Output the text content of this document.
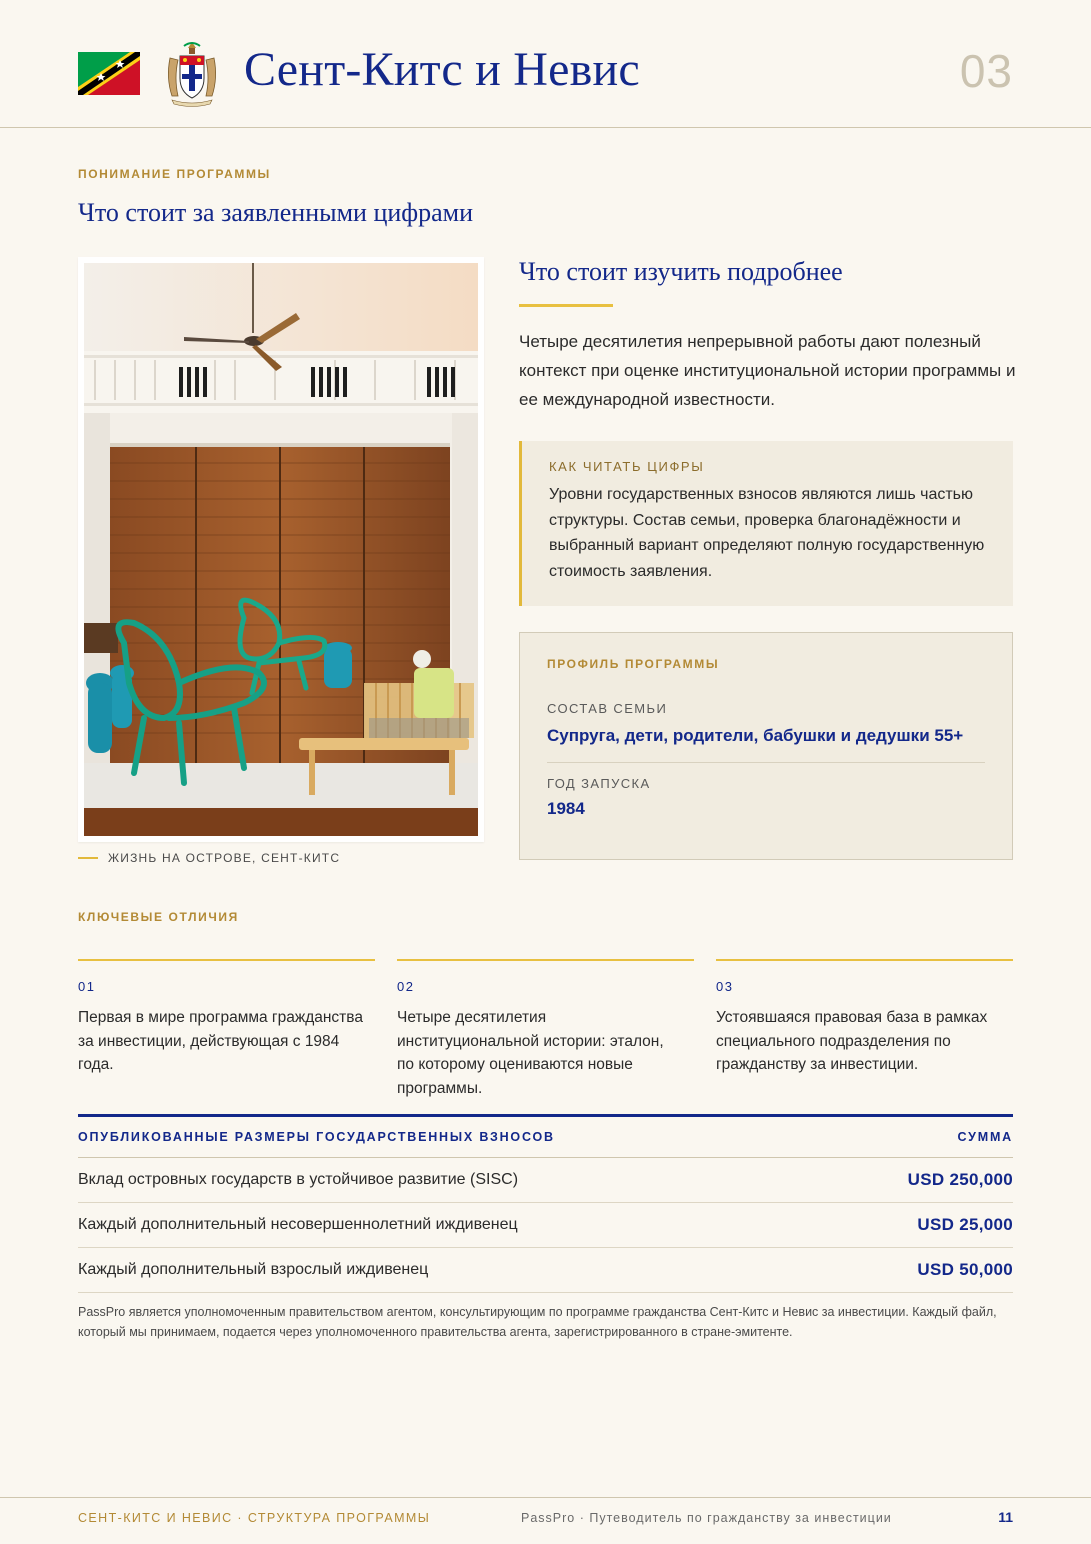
Сент-Китс и Невис	03
ПОНИМАНИЕ ПРОГРАММЫ
Что стоит за заявленными цифрами
ЖИЗНЬ НА ОСТРОВЕ, СЕНТ-КИТС
Что стоит изучить подробнее
Четыре десятилетия непрерывной работы дают полезный контекст при оценке институциональной истории программы и ее международной известности.
КАК ЧИТАТЬ ЦИФРЫ
Уровни государственных взносов являются лишь частью структуры. Состав семьи, проверка благонадёжности и выбранный вариант определяют полную государственную стоимость заявления.
ПРОФИЛЬ ПРОГРАММЫ
СОСТАВ СЕМЬИ
Супруга, дети, родители, бабушки и дедушки 55+
ГОД ЗАПУСКА
1984
КЛЮЧЕВЫЕ ОТЛИЧИЯ
01
Первая в мире программа гражданства за инвестиции, действующая с 1984 года.
02
Четыре десятилетия институциональной истории: эталон, по которому оцениваются новые программы.
03
Устоявшаяся правовая база в рамках специального подразделения по гражданству за инвестиции.
ОПУБЛИКОВАННЫЕ РАЗМЕРЫ ГОСУДАРСТВЕННЫХ ВЗНОСОВ	СУММА
Вклад островных государств в устойчивое развитие (SISC)	USD 250,000
Каждый дополнительный несовершеннолетний иждивенец	USD 25,000
Каждый дополнительный взрослый иждивенец	USD 50,000
PassPro является уполномоченным правительством агентом, консультирующим по программе гражданства Сент-Китс и Невис за инвестиции. Каждый файл, который мы принимаем, подается через уполномоченного правительства агента, зарегистрированного в стране-эмитенте.
СЕНТ-КИТС И НЕВИС · СТРУКТУРА ПРОГРАММЫ	PassPro · Путеводитель по гражданству за инвестиции	11
